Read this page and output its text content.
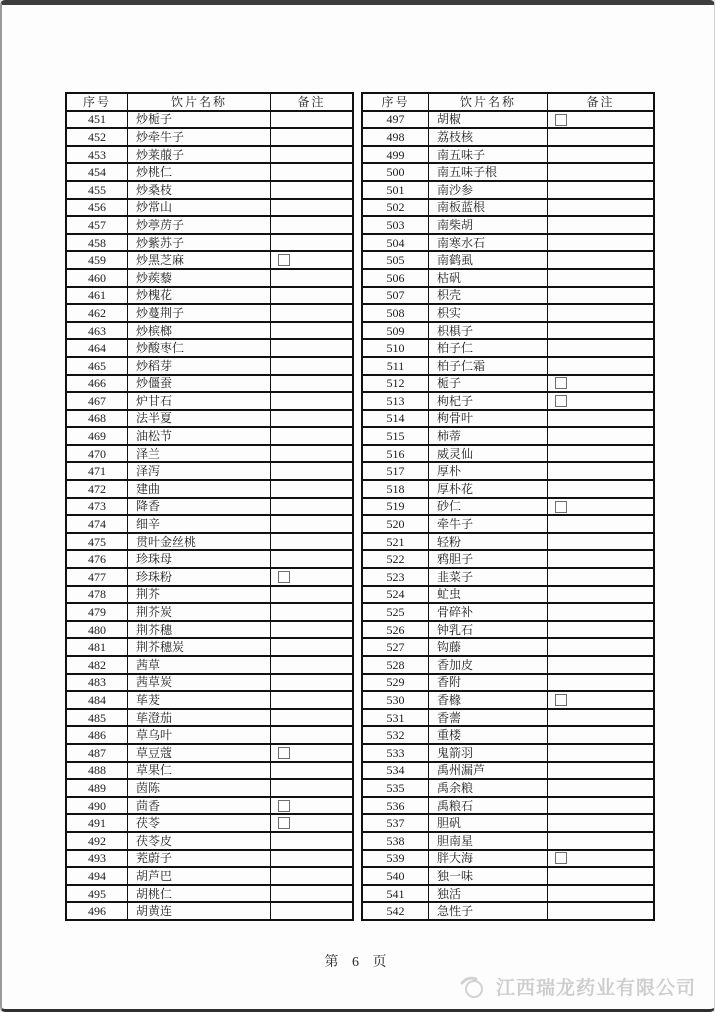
序号	饮片名称	备注
451	炒栀子	
452	炒牵牛子	
453	炒莱菔子	
454	炒桃仁	
455	炒桑枝	
456	炒常山	
457	炒葶苈子	
458	炒紫苏子	
459	炒黑芝麻	
460	炒蒺藜	
461	炒槐花	
462	炒蔓荆子	
463	炒槟榔	
464	炒酸枣仁	
465	炒稻芽	
466	炒僵蚕	
467	炉甘石	
468	法半夏	
469	油松节	
470	泽兰	
471	泽泻	
472	建曲	
473	降香	
474	细辛	
475	贯叶金丝桃	
476	珍珠母	
477	珍珠粉	
478	荆芥	
479	荆芥炭	
480	荆芥穗	
481	荆芥穗炭	
482	茜草	
483	茜草炭	
484	荜茇	
485	荜澄茄	
486	草乌叶	
487	草豆蔻	
488	草果仁	
489	茵陈	
490	茴香	
491	茯苓	
492	茯苓皮	
493	茺蔚子	
494	胡芦巴	
495	胡桃仁	
496	胡黄连	
序号	饮片名称	备注
497	胡椒	
498	荔枝核	
499	南五味子	
500	南五味子根	
501	南沙参	
502	南板蓝根	
503	南柴胡	
504	南寒水石	
505	南鹤虱	
506	枯矾	
507	枳壳	
508	枳实	
509	枳椇子	
510	柏子仁	
511	柏子仁霜	
512	栀子	
513	枸杞子	
514	枸骨叶	
515	柿蒂	
516	威灵仙	
517	厚朴	
518	厚朴花	
519	砂仁	
520	牵牛子	
521	轻粉	
522	鸦胆子	
523	韭菜子	
524	虻虫	
525	骨碎补	
526	钟乳石	
527	钩藤	
528	香加皮	
529	香附	
530	香橼	
531	香薷	
532	重楼	
533	鬼箭羽	
534	禹州漏芦	
535	禹余粮	
536	禹粮石	
537	胆矾	
538	胆南星	
539	胖大海	
540	独一味	
541	独活	
542	急性子	
第 6 页
江西瑞龙药业有限公司
